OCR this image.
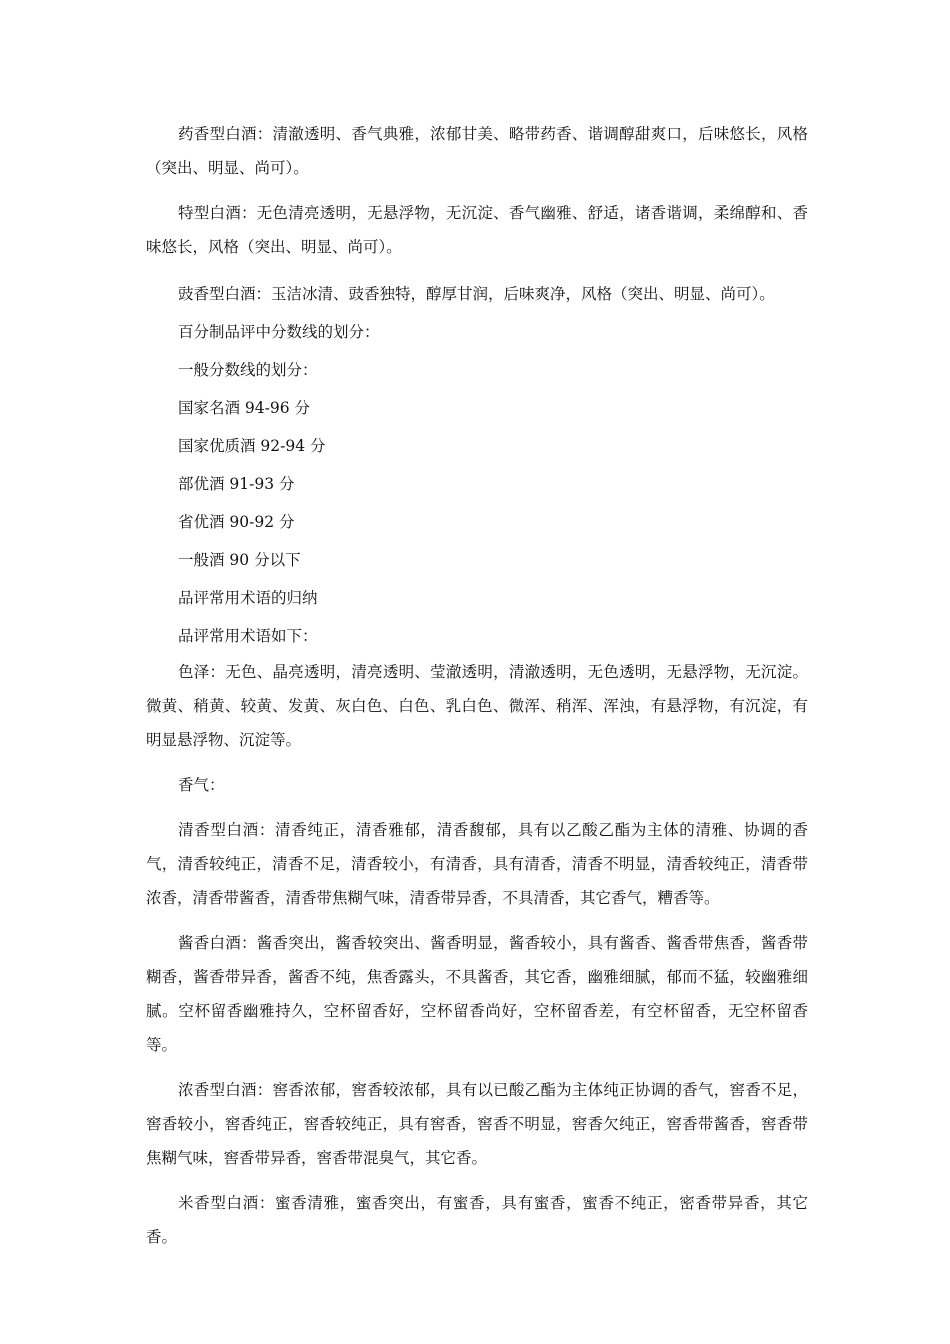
药香型白酒：清澈透明、香气典雅，浓郁甘美、略带药香、谐调醇甜爽口，后味悠长，风格（突出、明显、尚可）。

特型白酒：无色清亮透明，无悬浮物，无沉淀、香气幽雅、舒适，诸香谐调，柔绵醇和、香味悠长，风格（突出、明显、尚可）。

豉香型白酒：玉洁冰清、豉香独特，醇厚甘润，后味爽净，风格（突出、明显、尚可）。

百分制品评中分数线的划分：

一般分数线的划分：

国家名酒 94-96 分

国家优质酒 92-94 分

部优酒 91-93 分

省优酒 90-92 分

一般酒 90 分以下

品评常用术语的归纳

品评常用术语如下：

色泽：无色、晶亮透明，清亮透明、莹澈透明，清澈透明，无色透明，无悬浮物，无沉淀。微黄、稍黄、较黄、发黄、灰白色、白色、乳白色、微浑、稍浑、浑浊，有悬浮物，有沉淀，有明显悬浮物、沉淀等。

香气：

清香型白酒：清香纯正，清香雅郁，清香馥郁，具有以乙酸乙酯为主体的清雅、协调的香气，清香较纯正，清香不足，清香较小，有清香，具有清香，清香不明显，清香较纯正，清香带浓香，清香带酱香，清香带焦糊气味，清香带异香，不具清香，其它香气，糟香等。

酱香白酒：酱香突出，酱香较突出、酱香明显，酱香较小，具有酱香、酱香带焦香，酱香带糊香，酱香带异香，酱香不纯，焦香露头，不具酱香，其它香，幽雅细腻，郁而不猛，较幽雅细腻。空杯留香幽雅持久，空杯留香好，空杯留香尚好，空杯留香差，有空杯留香，无空杯留香等。

浓香型白酒：窖香浓郁，窖香较浓郁，具有以已酸乙酯为主体纯正协调的香气，窖香不足，窖香较小，窖香纯正，窖香较纯正，具有窖香，窖香不明显，窖香欠纯正，窖香带酱香，窖香带焦糊气味，窖香带异香，窖香带混臭气，其它香。

米香型白酒：蜜香清雅，蜜香突出，有蜜香，具有蜜香，蜜香不纯正，密香带异香，其它香。
